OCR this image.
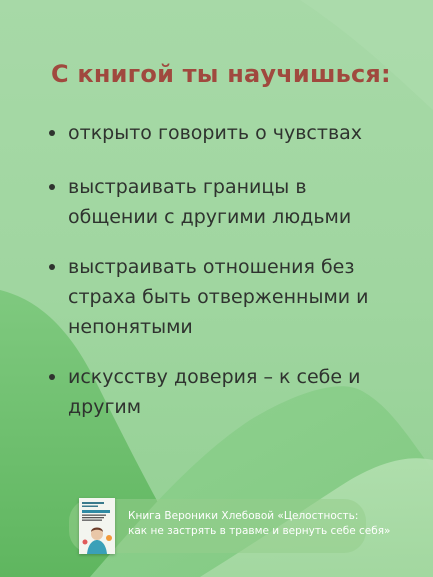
С книгой ты научишься:
открыто говорить о чувствах
выстраивать границы в общении с другими людьми
выстраивать отношения без страха быть отверженными и непонятыми
искусству доверия – к себе и другим

Книга Вероники Хлебовой «Целостность:
как не застрять в травме и вернуть себе себя»
